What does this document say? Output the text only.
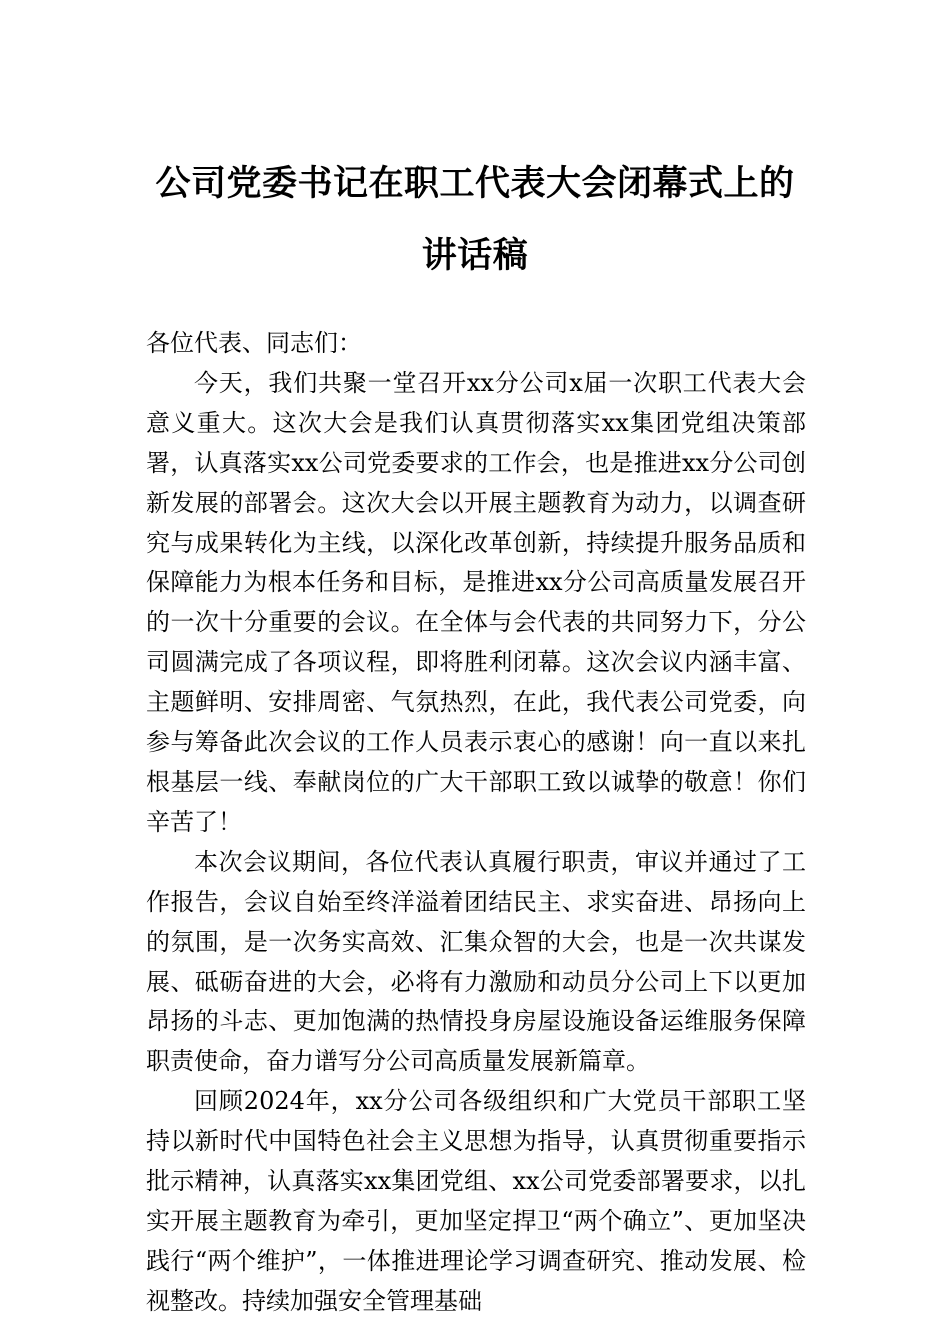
公司党委书记在职工代表大会闭幕式上的
讲话稿

各位代表、同志们：

今天，我们共聚一堂召开xx分公司x届一次职工代表大会意义重大。这次大会是我们认真贯彻落实xx集团党组决策部署，认真落实xx公司党委要求的工作会，也是推进xx分公司创新发展的部署会。这次大会以开展主题教育为动力，以调查研究与成果转化为主线，以深化改革创新，持续提升服务品质和保障能力为根本任务和目标，是推进xx分公司高质量发展召开的一次十分重要的会议。在全体与会代表的共同努力下，分公司圆满完成了各项议程，即将胜利闭幕。这次会议内涵丰富、主题鲜明、安排周密、气氛热烈，在此，我代表公司党委，向参与筹备此次会议的工作人员表示衷心的感谢！向一直以来扎根基层一线、奉献岗位的广大干部职工致以诚挚的敬意！你们辛苦了！

本次会议期间，各位代表认真履行职责，审议并通过了工作报告，会议自始至终洋溢着团结民主、求实奋进、昂扬向上的氛围，是一次务实高效、汇集众智的大会，也是一次共谋发展、砥砺奋进的大会，必将有力激励和动员分公司上下以更加昂扬的斗志、更加饱满的热情投身房屋设施设备运维服务保障职责使命，奋力谱写分公司高质量发展新篇章。

回顾2024年，xx分公司各级组织和广大党员干部职工坚持以新时代中国特色社会主义思想为指导，认真贯彻重要指示批示精神，认真落实xx集团党组、xx公司党委部署要求，以扎实开展主题教育为牵引，更加坚定捍卫“两个确立”、更加坚决践行“两个维护”，一体推进理论学习调查研究、推动发展、检视整改。持续加强安全管理基础
